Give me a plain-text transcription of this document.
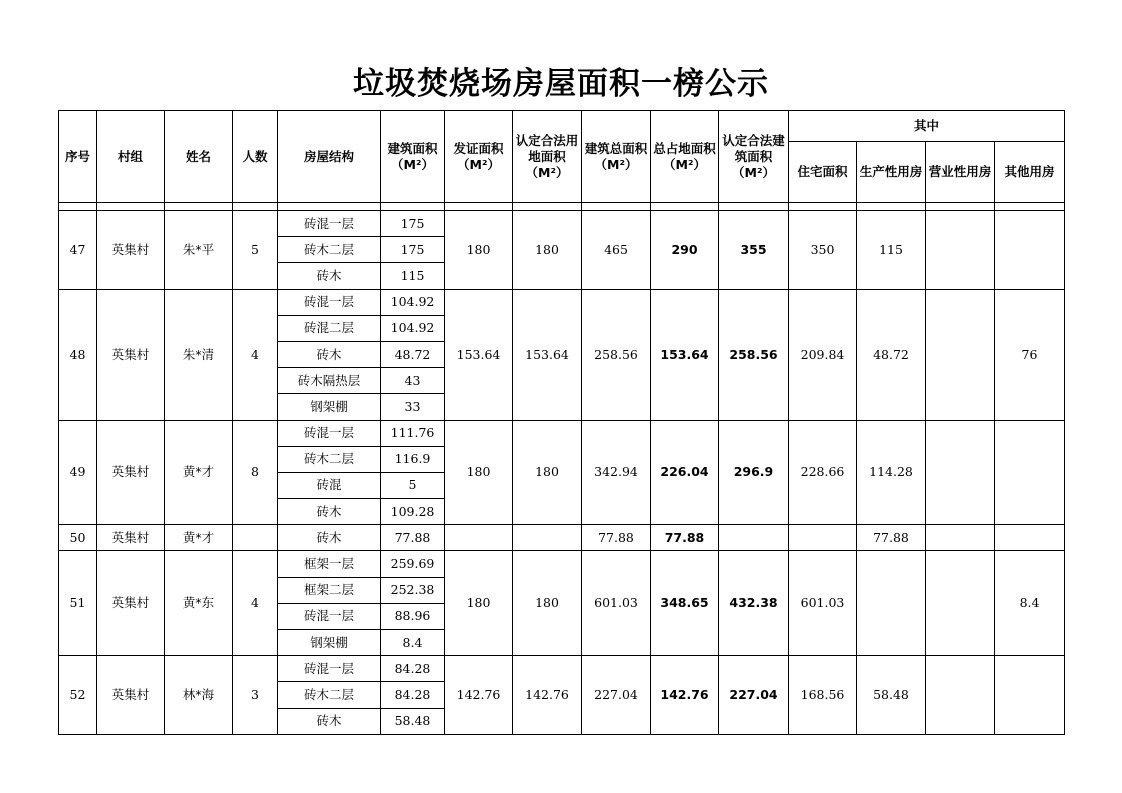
垃圾焚烧场房屋面积一榜公示
序号	村组	姓名	人数	房屋结构	建筑面积（M²）	发证面积（M²）	认定合法用地面积（M²）	建筑总面积（M²）	总占地面积（M²）	认定合法建筑面积（M²）	其中			
											住宅面积	生产性用房	营业性用房	其他用房

47	英集村	朱*平	5	砖混一层	175	180	180	465	290	355	350	115		
				砖木二层	175									
				砖木	115									
48	英集村	朱*清	4	砖混一层	104.92	153.64	153.64	258.56	153.64	258.56	209.84	48.72		76
				砖混二层	104.92									
				砖木	48.72									
				砖木隔热层	43									
				钢架棚	33									
49	英集村	黄*才	8	砖混一层	111.76	180	180	342.94	226.04	296.9	228.66	114.28		
				砖木二层	116.9									
				砖混	5									
				砖木	109.28									
50	英集村	黄*才		砖木	77.88			77.88	77.88			77.88		
51	英集村	黄*东	4	框架一层	259.69	180	180	601.03	348.65	432.38	601.03			8.4
				框架二层	252.38									
				砖混一层	88.96									
				钢架棚	8.4									
52	英集村	林*海	3	砖混一层	84.28	142.76	142.76	227.04	142.76	227.04	168.56	58.48		
				砖木二层	84.28									
				砖木	58.48									
